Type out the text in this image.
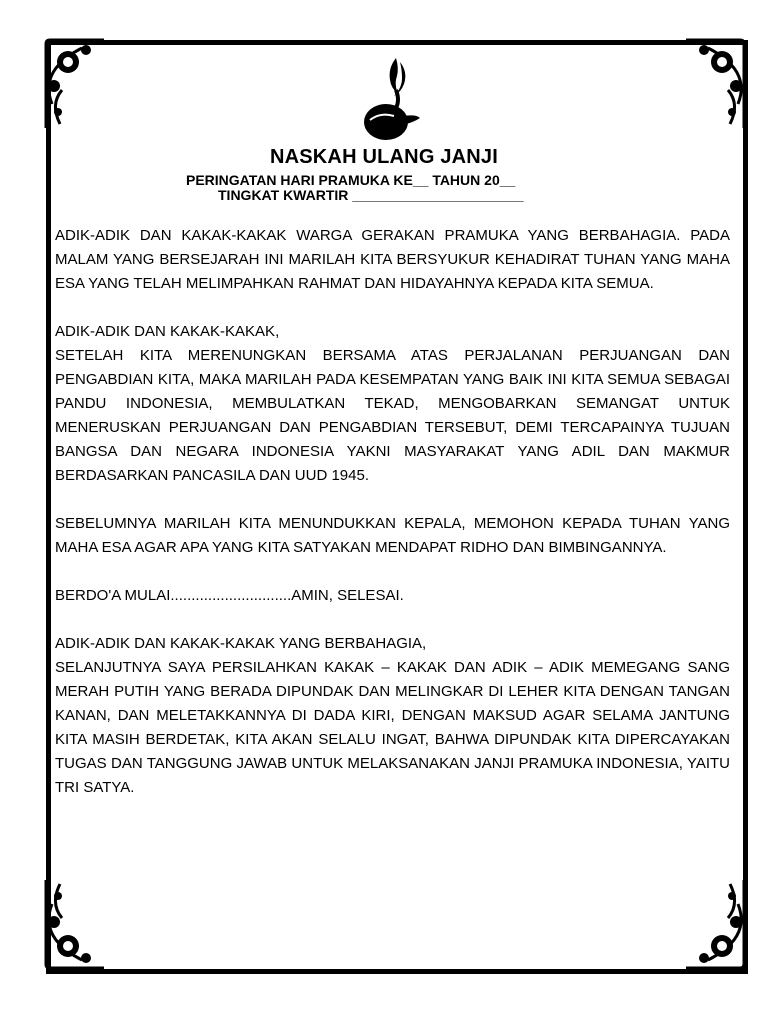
NASKAH ULANG JANJI
PERINGATAN HARI PRAMUKA KE__ TAHUN 20__
TINGKAT KWARTIR ______________________

ADIK-ADIK DAN KAKAK-KAKAK WARGA GERAKAN PRAMUKA YANG BERBAHAGIA. PADA MALAM YANG BERSEJARAH INI MARILAH KITA BERSYUKUR KEHADIRAT TUHAN YANG MAHA ESA YANG TELAH MELIMPAHKAN RAHMAT DAN HIDAYAHNYA KEPADA KITA SEMUA.

ADIK-ADIK DAN KAKAK-KAKAK,

SETELAH KITA MERENUNGKAN BERSAMA ATAS PERJALANAN PERJUANGAN DAN PENGABDIAN KITA, MAKA MARILAH PADA KESEMPATAN YANG BAIK INI KITA SEMUA SEBAGAI PANDU INDONESIA, MEMBULATKAN TEKAD, MENGOBARKAN SEMANGAT UNTUK MENERUSKAN PERJUANGAN DAN PENGABDIAN TERSEBUT, DEMI TERCAPAINYA TUJUAN BANGSA DAN NEGARA INDONESIA YAKNI MASYARAKAT YANG ADIL DAN MAKMUR BERDASARKAN PANCASILA DAN UUD 1945.

SEBELUMNYA MARILAH KITA MENUNDUKKAN KEPALA, MEMOHON KEPADA TUHAN YANG MAHA ESA AGAR APA YANG KITA SATYAKAN MENDAPAT RIDHO DAN BIMBINGANNYA.

BERDO'A MULAI.............................AMIN, SELESAI.

ADIK-ADIK DAN KAKAK-KAKAK YANG BERBAHAGIA,

SELANJUTNYA SAYA PERSILAHKAN KAKAK – KAKAK DAN ADIK – ADIK MEMEGANG SANG MERAH PUTIH YANG BERADA DIPUNDAK DAN MELINGKAR DI LEHER KITA DENGAN TANGAN KANAN, DAN MELETAKKANNYA DI DADA KIRI, DENGAN MAKSUD AGAR SELAMA JANTUNG KITA MASIH BERDETAK, KITA AKAN SELALU INGAT, BAHWA DIPUNDAK KITA DIPERCAYAKAN TUGAS DAN TANGGUNG JAWAB UNTUK MELAKSANAKAN JANJI PRAMUKA INDONESIA, YAITU TRI SATYA.
